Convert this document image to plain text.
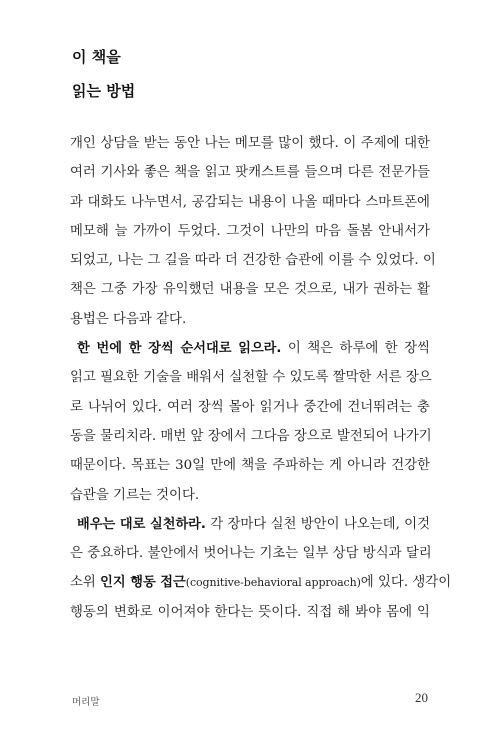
이 책을
읽는 방법
개인 상담을 받는 동안 나는 메모를 많이 했다. 이 주제에 대한
여러 기사와 좋은 책을 읽고 팟캐스트를 들으며 다른 전문가들
과 대화도 나누면서, 공감되는 내용이 나올 때마다 스마트폰에
메모해 늘 가까이 두었다. 그것이 나만의 마음 돌봄 안내서가
되었고, 나는 그 길을 따라 더 건강한 습관에 이를 수 있었다. 이
책은 그중 가장 유익했던 내용을 모은 것으로, 내가 권하는 활
용법은 다음과 같다.
한 번에 한 장씩 순서대로 읽으라. 이 책은 하루에 한 장씩
읽고 필요한 기술을 배워서 실천할 수 있도록 짤막한 서른 장으
로 나뉘어 있다. 여러 장씩 몰아 읽거나 중간에 건너뛰려는 충
동을 물리치라. 매번 앞 장에서 그다음 장으로 발전되어 나가기
때문이다. 목표는 30일 만에 책을 주파하는 게 아니라 건강한
습관을 기르는 것이다.
배우는 대로 실천하라. 각 장마다 실천 방안이 나오는데, 이것
은 중요하다. 불안에서 벗어나는 기초는 일부 상담 방식과 달리
소위 인지 행동 접근(cognitive-behavioral approach)에 있다. 생각이
행동의 변화로 이어져야 한다는 뜻이다. 직접 해 봐야 몸에 익
머리말	20
